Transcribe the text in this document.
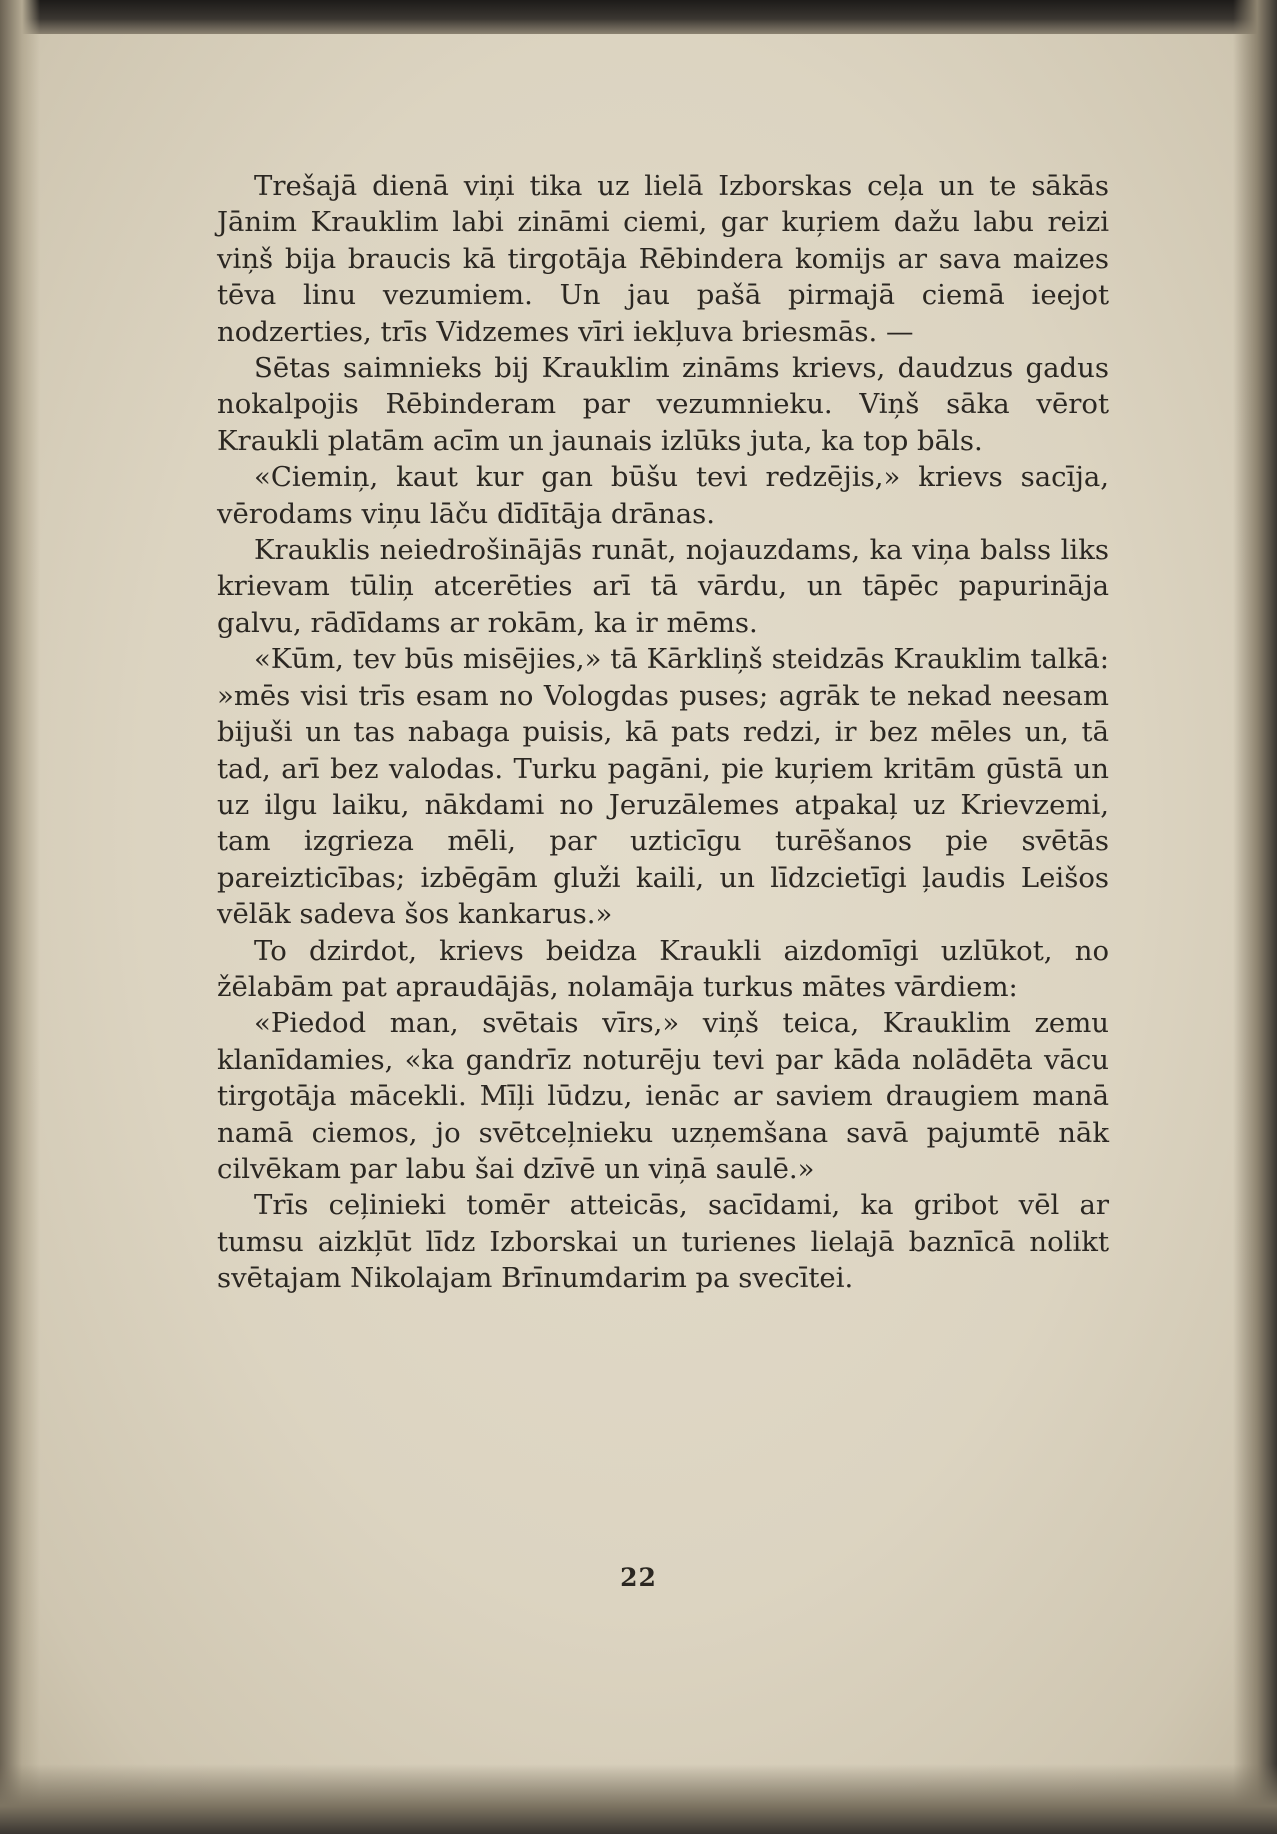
Trešajā dienā viņi tika uz lielā Izborskas ceļa un te sākās Jānim Krauklim labi zināmi ciemi, gar kuŗiem dažu labu reizi viņš bija braucis kā tirgotāja Rēbindera komijs ar sava maizes tēva linu vezumiem. Un jau pašā pirmajā ciemā ieejot nodzerties, trīs Vidzemes vīri iekļuva briesmās. —

Sētas saimnieks bij Krauklim zināms krievs, daudzus gadus nokalpojis Rēbinderam par vezumnieku. Viņš sāka vērot Kraukli platām acīm un jaunais izlūks juta, ka top bāls.

«Ciemiņ, kaut kur gan būšu tevi redzējis,» krievs sacīja, vērodams viņu lāču dīdītāja drānas.

Krauklis neiedrošinājās runāt, nojauzdams, ka viņa balss liks krievam tūliņ atcerēties arī tā vārdu, un tāpēc papurināja galvu, rādīdams ar rokām, ka ir mēms.

«Kūm, tev būs misējies,» tā Kārkliņš steidzās Krauklim talkā: »mēs visi trīs esam no Vologdas puses; agrāk te nekad neesam bijuši un tas nabaga puisis, kā pats redzi, ir bez mēles un, tā tad, arī bez valodas. Turku pagāni, pie kuŗiem kritām gūstā un uz ilgu laiku, nākdami no Jeruzālemes atpakaļ uz Krievzemi, tam izgrieza mēli, par uzticīgu turēšanos pie svētās pareizticības; izbēgām gluži kaili, un līdzcietīgi ļaudis Leišos vēlāk sadeva šos kankarus.»

To dzirdot, krievs beidza Kraukli aizdomīgi uzlūkot, no žēlabām pat apraudājās, nolamāja turkus mātes vārdiem:

«Piedod man, svētais vīrs,» viņš teica, Krauklim zemu klanīdamies, «ka gandrīz noturēju tevi par kāda nolādēta vācu tirgotāja mācekli. Mīļi lūdzu, ienāc ar saviem draugiem manā namā ciemos, jo svētceļnieku uzņemšana savā pajumtē nāk cilvēkam par labu šai dzīvē un viņā saulē.»

Trīs ceļinieki tomēr atteicās, sacīdami, ka gribot vēl ar tumsu aizkļūt līdz Izborskai un turienes lielajā baznīcā nolikt svētajam Nikolajam Brīnumdarim pa svecītei.

22
